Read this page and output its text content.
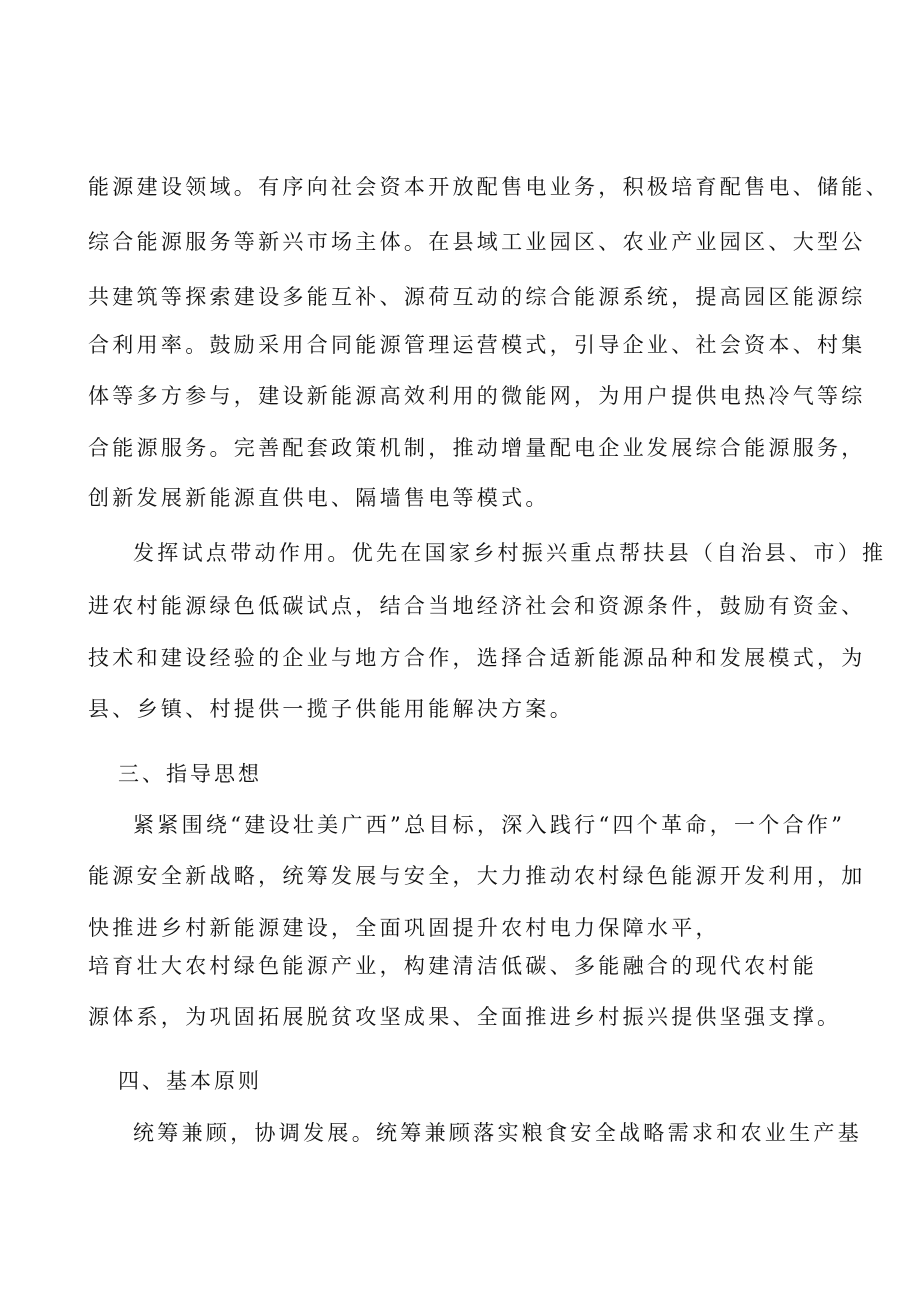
能源建设领域。有序向社会资本开放配售电业务，积极培育配售电、储能、
综合能源服务等新兴市场主体。在县域工业园区、农业产业园区、大型公
共建筑等探索建设多能互补、源荷互动的综合能源系统，提高园区能源综
合利用率。鼓励采用合同能源管理运营模式，引导企业、社会资本、村集
体等多方参与，建设新能源高效利用的微能网，为用户提供电热冷气等综
合能源服务。完善配套政策机制，推动增量配电企业发展综合能源服务，
创新发展新能源直供电、隔墙售电等模式。
发挥试点带动作用。优先在国家乡村振兴重点帮扶县（自治县、市）推
进农村能源绿色低碳试点，结合当地经济社会和资源条件，鼓励有资金、
技术和建设经验的企业与地方合作，选择合适新能源品种和发展模式，为
县、乡镇、村提供一揽子供能用能解决方案。
三、指导思想
紧紧围绕“建设壮美广西”总目标，深入践行“四个革命，一个合作”
能源安全新战略，统筹发展与安全，大力推动农村绿色能源开发利用，加
快推进乡村新能源建设，全面巩固提升农村电力保障水平，
培育壮大农村绿色能源产业，构建清洁低碳、多能融合的现代农村能
源体系，为巩固拓展脱贫攻坚成果、全面推进乡村振兴提供坚强支撑。
四、基本原则
统筹兼顾，协调发展。统筹兼顾落实粮食安全战略需求和农业生产基
